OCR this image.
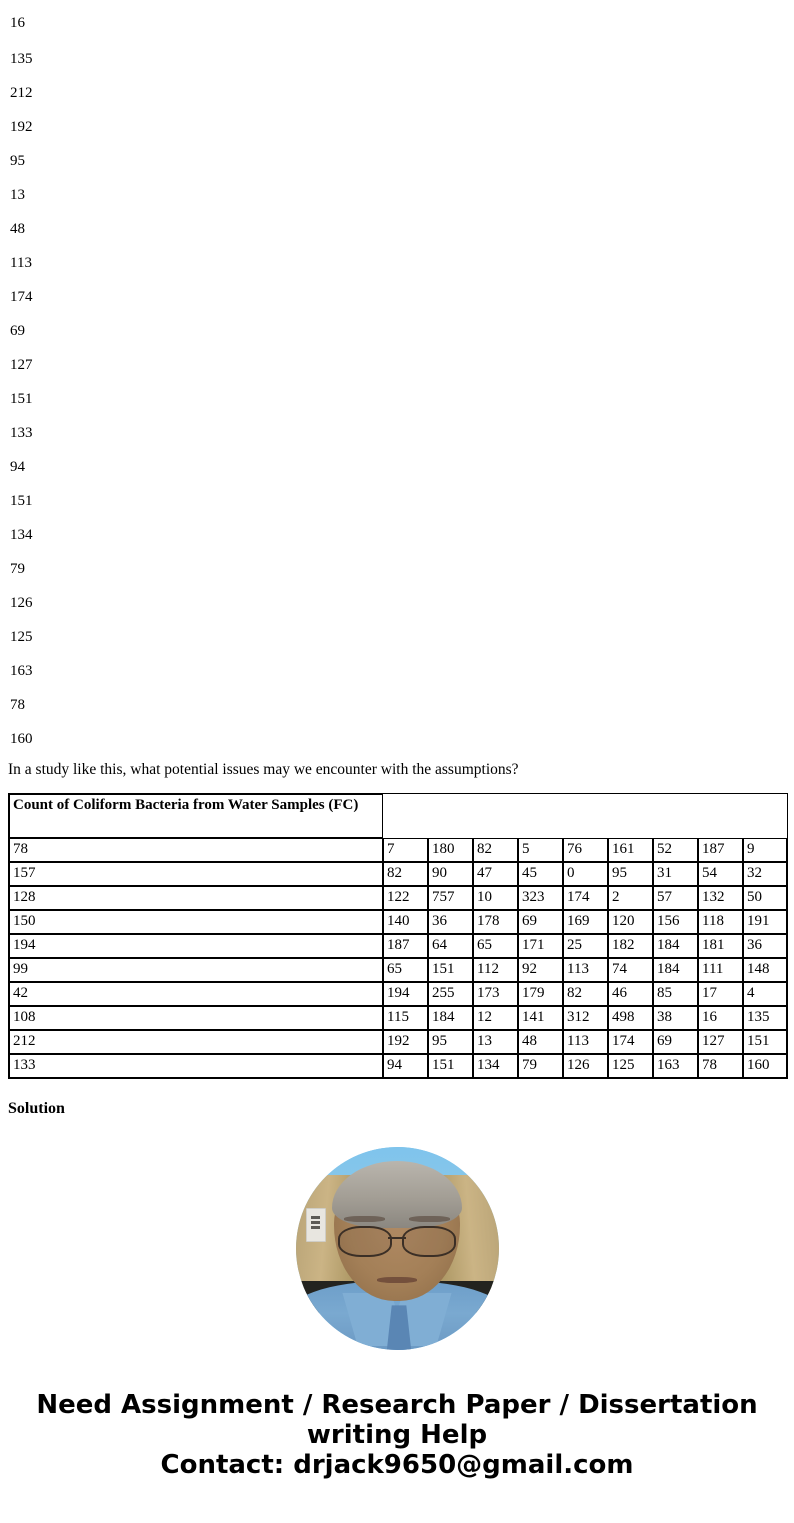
16
135
212
192
95
13
48
113
174
69
127
151
133
94
151
134
79
126
125
163
78
160

In a study like this, what potential issues may we encounter with the assumptions?

Count of Coliform Bacteria from Water Samples (FC)									
78	7	180	82	5	76	161	52	187	9
157	82	90	47	45	0	95	31	54	32
128	122	757	10	323	174	2	57	132	50
150	140	36	178	69	169	120	156	118	191
194	187	64	65	171	25	182	184	181	36
99	65	151	112	92	113	74	184	111	148
42	194	255	173	179	82	46	85	17	4
108	115	184	12	141	312	498	38	16	135
212	192	95	13	48	113	174	69	127	151
133	94	151	134	79	126	125	163	78	160
Solution
Need Assignment / Research Paper / Dissertation
writing Help
Contact: drjack9650@gmail.com
